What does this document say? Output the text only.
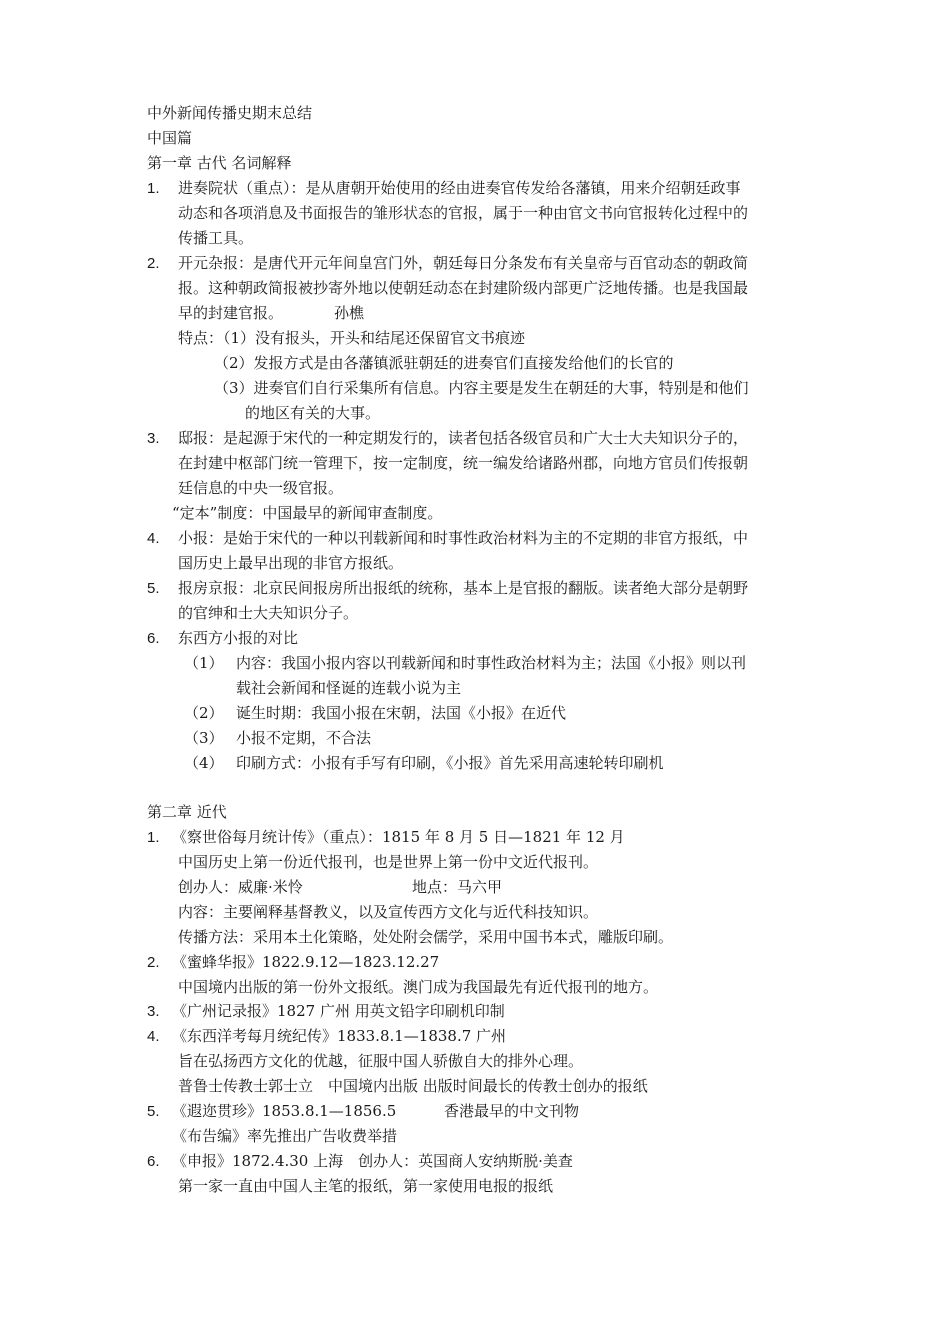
中外新闻传播史期末总结
中国篇
第一章 古代 名词解释
1. 进奏院状（重点）：是从唐朝开始使用的经由进奏官传发给各藩镇，用来介绍朝廷政事
动态和各项消息及书面报告的雏形状态的官报，属于一种由官文书向官报转化过程中的
传播工具。
2. 开元杂报：是唐代开元年间皇宫门外，朝廷每日分条发布有关皇帝与百官动态的朝政简
报。这种朝政简报被抄寄外地以使朝廷动态在封建阶级内部更广泛地传播。也是我国最
早的封建官报。	孙樵
特点：（1）没有报头，开头和结尾还保留官文书痕迹
（2）发报方式是由各藩镇派驻朝廷的进奏官们直接发给他们的长官的
（3）进奏官们自行采集所有信息。内容主要是发生在朝廷的大事，特别是和他们
的地区有关的大事。
3. 邸报：是起源于宋代的一种定期发行的，读者包括各级官员和广大士大夫知识分子的，
在封建中枢部门统一管理下，按一定制度，统一编发给诸路州郡，向地方官员们传报朝
廷信息的中央一级官报。
“定本”制度：中国最早的新闻审查制度。
4. 小报：是始于宋代的一种以刊载新闻和时事性政治材料为主的不定期的非官方报纸，中
国历史上最早出现的非官方报纸。
5. 报房京报：北京民间报房所出报纸的统称，基本上是官报的翻版。读者绝大部分是朝野
的官绅和士大夫知识分子。
6. 东西方小报的对比
（1） 内容：我国小报内容以刊载新闻和时事性政治材料为主；法国《小报》则以刊
载社会新闻和怪诞的连载小说为主
（2） 诞生时期：我国小报在宋朝，法国《小报》在近代
（3） 小报不定期，不合法
（4） 印刷方式：小报有手写有印刷，《小报》首先采用高速轮转印刷机
第二章 近代
1. 《察世俗每月统计传》（重点）：1815 年 8 月 5 日—1821 年 12 月
中国历史上第一份近代报刊，也是世界上第一份中文近代报刊。
创办人：威廉·米怜	地点：马六甲
内容：主要阐释基督教义，以及宣传西方文化与近代科技知识。
传播方法：采用本土化策略，处处附会儒学，采用中国书本式，雕版印刷。
2. 《蜜蜂华报》1822.9.12—1823.12.27
中国境内出版的第一份外文报纸。澳门成为我国最先有近代报刊的地方。
3. 《广州记录报》1827 广州 用英文铅字印刷机印制
4. 《东西洋考每月统纪传》1833.8.1—1838.7 广州
旨在弘扬西方文化的优越，征服中国人骄傲自大的排外心理。
普鲁士传教士郭士立　中国境内出版 出版时间最长的传教士创办的报纸
5. 《遐迩贯珍》1853.8.1—1856.5	香港最早的中文刊物
《布告编》率先推出广告收费举措
6. 《申报》1872.4.30 上海　创办人：英国商人安纳斯脱·美查
第一家一直由中国人主笔的报纸，第一家使用电报的报纸
